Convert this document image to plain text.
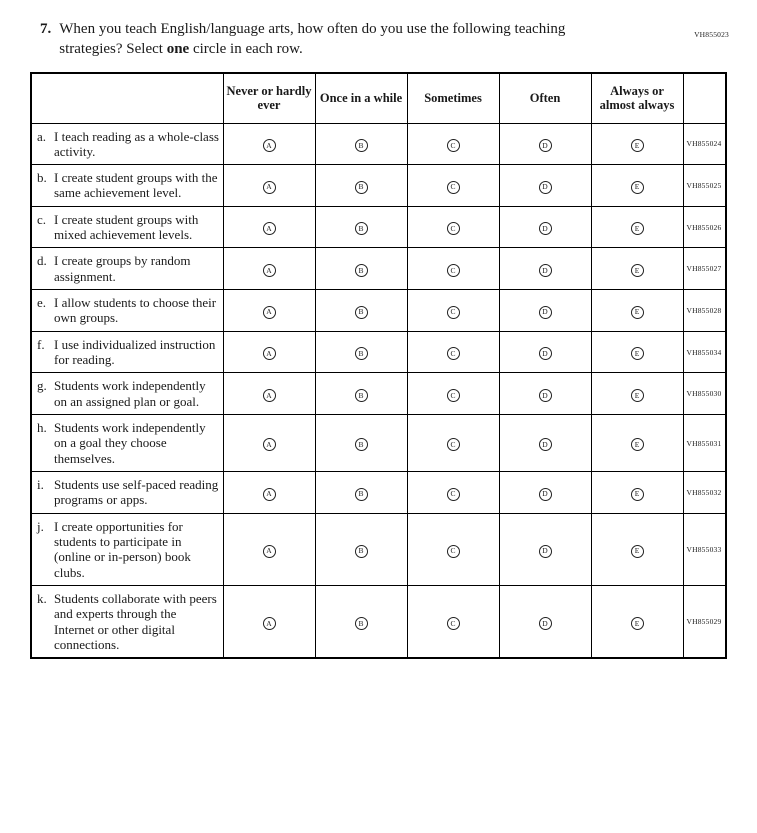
VH855023
7. When you teach English/language arts, how often do you use the following teaching
strategies? Select one circle in each row.
	Never or hardly ever	Once in a while	Sometimes	Often	Always or almost always	

a. I teach reading as a whole-class activity.	A	B	C	D	E	VH855024

b. I create student groups with the same achievement level.	A	B	C	D	E	VH855025

c. I create student groups with mixed achievement levels.	A	B	C	D	E	VH855026

d. I create groups by random assignment.	A	B	C	D	E	VH855027

e. I allow students to choose their own groups.	A	B	C	D	E	VH855028

f. I use individualized instruction for reading.	A	B	C	D	E	VH855034

g. Students work independently on an assigned plan or goal.	A	B	C	D	E	VH855030

h. Students work independently on a goal they choose themselves.	A	B	C	D	E	VH855031

i. Students use self-paced reading programs or apps.	A	B	C	D	E	VH855032

j. I create opportunities for students to participate in (online or in-person) book clubs.	A	B	C	D	E	VH855033

k. Students collaborate with peers and experts through the Internet or other digital connections.	A	B	C	D	E	VH855029
